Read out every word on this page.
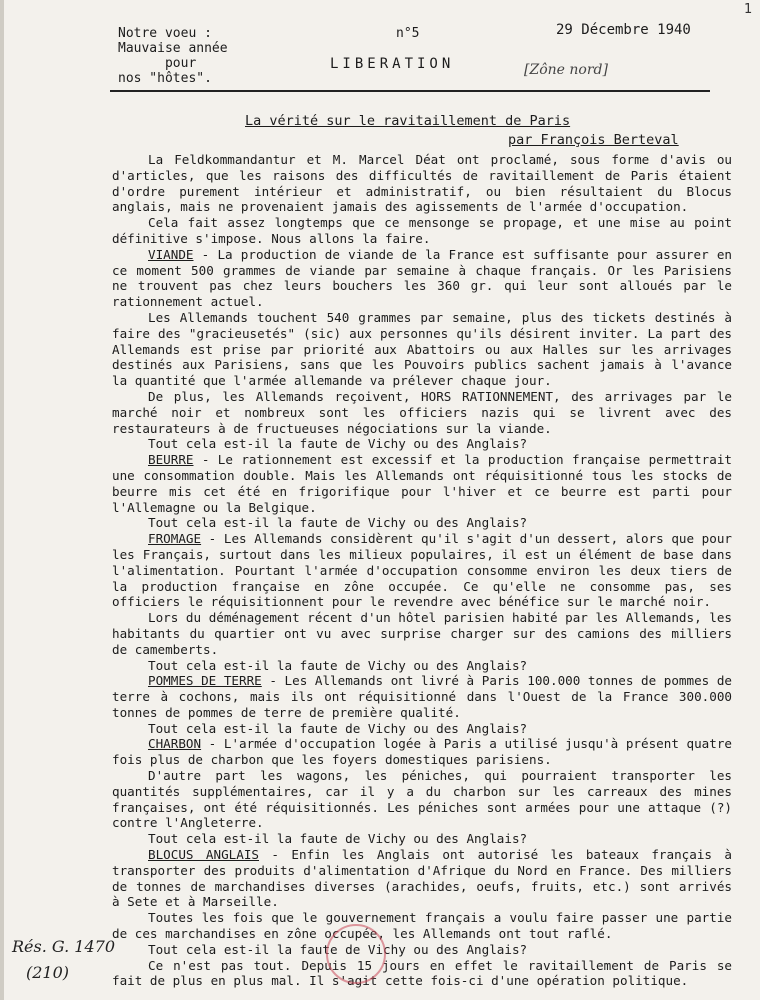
1
Notre voeu :
Mauvaise année
pour
nos "hôtes".
n°5	29 Décembre 1940
LIBERATION	[Zône nord]
La vérité sur le ravitaillement de Paris
par François Berteval

La Feldkommandantur et M. Marcel Déat ont proclamé, sous forme d'avis ou d'articles, que les raisons des difficultés de ravitaillement de Paris étaient d'ordre purement intérieur et administratif, ou bien résultaient du Blocus anglais, mais ne provenaient jamais des agissements de l'armée d'occupation.

Cela fait assez longtemps que ce mensonge se propage, et une mise au point définitive s'impose. Nous allons la faire.

VIANDE - La production de viande de la France est suffisante pour assurer en ce moment 500 grammes de viande par semaine à chaque français. Or les Parisiens ne trouvent pas chez leurs bouchers les 360 gr. qui leur sont alloués par le rationnement actuel.

Les Allemands touchent 540 grammes par semaine, plus des tickets destinés à faire des "gracieusetés" (sic) aux personnes qu'ils désirent inviter. La part des Allemands est prise par priorité aux Abattoirs ou aux Halles sur les arrivages destinés aux Parisiens, sans que les Pouvoirs publics sachent jamais à l'avance la quantité que l'armée allemande va prélever chaque jour.

De plus, les Allemands reçoivent, HORS RATIONNEMENT, des arrivages par le marché noir et nombreux sont les officiers nazis qui se livrent avec des restaurateurs à de fructueuses négociations sur la viande.

Tout cela est-il la faute de Vichy ou des Anglais?

BEURRE - Le rationnement est excessif et la production française permettrait une consommation double. Mais les Allemands ont réquisitionné tous les stocks de beurre mis cet été en frigorifique pour l'hiver et ce beurre est parti pour l'Allemagne ou la Belgique.

Tout cela est-il la faute de Vichy ou des Anglais?

FROMAGE - Les Allemands considèrent qu'il s'agit d'un dessert, alors que pour les Français, surtout dans les milieux populaires, il est un élément de base dans l'alimentation. Pourtant l'armée d'occupation consomme environ les deux tiers de la production française en zône occupée. Ce qu'elle ne consomme pas, ses officiers le réquisitionnent pour le revendre avec bénéfice sur le marché noir.

Lors du déménagement récent d'un hôtel parisien habité par les Allemands, les habitants du quartier ont vu avec surprise charger sur des camions des milliers de camemberts.

Tout cela est-il la faute de Vichy ou des Anglais?

POMMES DE TERRE - Les Allemands ont livré à Paris 100.000 tonnes de pommes de terre à cochons, mais ils ont réquisitionné dans l'Ouest de la France 300.000 tonnes de pommes de terre de première qualité.

Tout cela est-il la faute de Vichy ou des Anglais?

CHARBON - L'armée d'occupation logée à Paris a utilisé jusqu'à présent quatre fois plus de charbon que les foyers domestiques parisiens.

D'autre part les wagons, les péniches, qui pourraient transporter les quantités supplémentaires, car il y a du charbon sur les carreaux des mines françaises, ont été réquisitionnés. Les péniches sont armées pour une attaque (?) contre l'Angleterre.

Tout cela est-il la faute de Vichy ou des Anglais?

BLOCUS ANGLAIS - Enfin les Anglais ont autorisé les bateaux français à transporter des produits d'alimentation d'Afrique du Nord en France. Des milliers de tonnes de marchandises diverses (arachides, oeufs, fruits, etc.) sont arrivés à Sete et à Marseille.

Toutes les fois que le gouvernement français a voulu faire passer une partie de ces marchandises en zône occupée, les Allemands ont tout raflé.

Tout cela est-il la faute de Vichy ou des Anglais?

Ce n'est pas tout. Depuis 15 jours en effet le ravitaillement de Paris se fait de plus en plus mal. Il s'agit cette fois-ci d'une opération politique.

Rés. G. 1470
(210)
